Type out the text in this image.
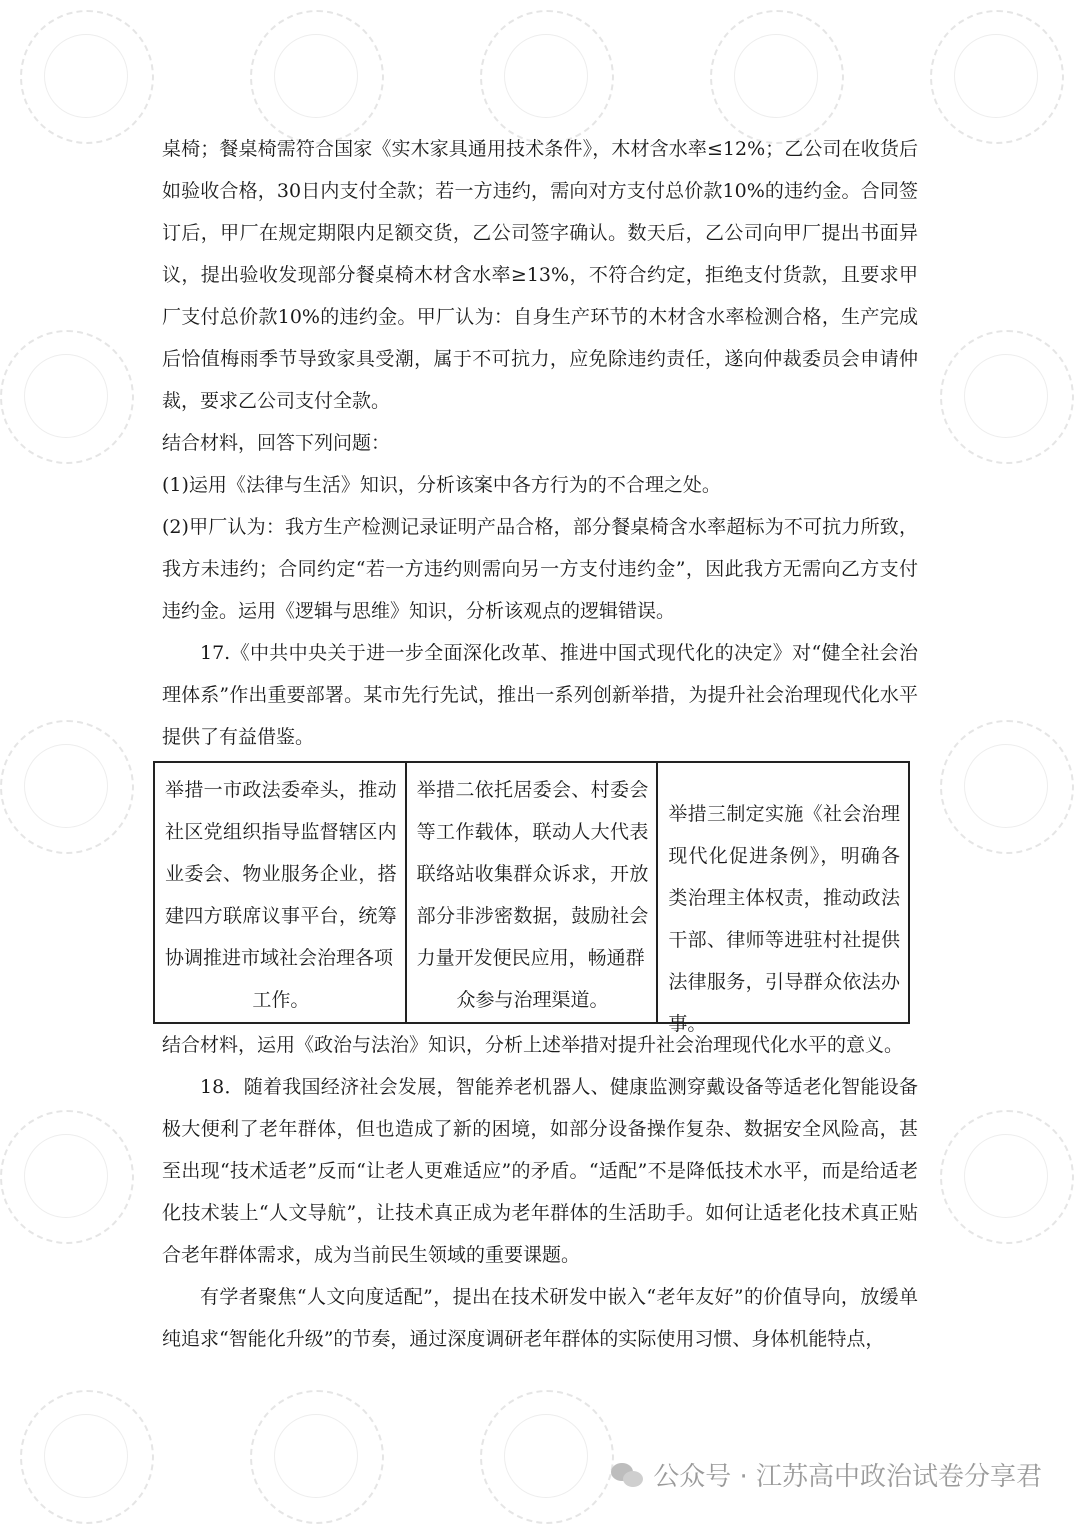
桌椅；餐桌椅需符合国家《实木家具通用技术条件》，木材含水率≤12%；乙公司在收货后如验收合格，30日内支付全款；若一方违约，需向对方支付总价款10%的违约金。合同签订后，甲厂在规定期限内足额交货，乙公司签字确认。数天后，乙公司向甲厂提出书面异议，提出验收发现部分餐桌椅木材含水率≥13%，不符合约定，拒绝支付货款，且要求甲厂支付总价款10%的违约金。甲厂认为：自身生产环节的木材含水率检测合格，生产完成后恰值梅雨季节导致家具受潮，属于不可抗力，应免除违约责任，遂向仲裁委员会申请仲裁，要求乙公司支付全款。

结合材料，回答下列问题：

(1)运用《法律与生活》知识，分析该案中各方行为的不合理之处。

(2)甲厂认为：我方生产检测记录证明产品合格，部分餐桌椅含水率超标为不可抗力所致，我方未违约；合同约定“若一方违约则需向另一方支付违约金”，因此我方无需向乙方支付违约金。运用《逻辑与思维》知识，分析该观点的逻辑错误。

17.《中共中央关于进一步全面深化改革、推进中国式现代化的决定》对“健全社会治理体系”作出重要部署。某市先行先试，推出一系列创新举措，为提升社会治理现代化水平提供了有益借鉴。

举措一市政法委牵头，推动社区党组织指导监督辖区内业委会、物业服务企业，搭建四方联席议事平台，统筹协调推进市域社会治理各项
工作。
举措二依托居委会、村委会等工作载体，联动人大代表联络站收集群众诉求，开放部分非涉密数据，鼓励社会力量开发便民应用，畅通群
众参与治理渠道。
举措三制定实施《社会治理现代化促进条例》，明确各类治理主体权责，推动政法干部、律师等进驻村社提供法律服务，引导群众依法办事。

结合材料，运用《政治与法治》知识，分析上述举措对提升社会治理现代化水平的意义。

18．随着我国经济社会发展，智能养老机器人、健康监测穿戴设备等适老化智能设备极大便利了老年群体，但也造成了新的困境，如部分设备操作复杂、数据安全风险高，甚至出现“技术适老”反而“让老人更难适应”的矛盾。“适配”不是降低技术水平，而是给适老化技术装上“人文导航”，让技术真正成为老年群体的生活助手。如何让适老化技术真正贴合老年群体需求，成为当前民生领域的重要课题。

有学者聚焦“人文向度适配”，提出在技术研发中嵌入“老年友好”的价值导向，放缓单纯追求“智能化升级”的节奏，通过深度调研老年群体的实际使用习惯、身体机能特点，

公众号 · 江苏高中政治试卷分享君
